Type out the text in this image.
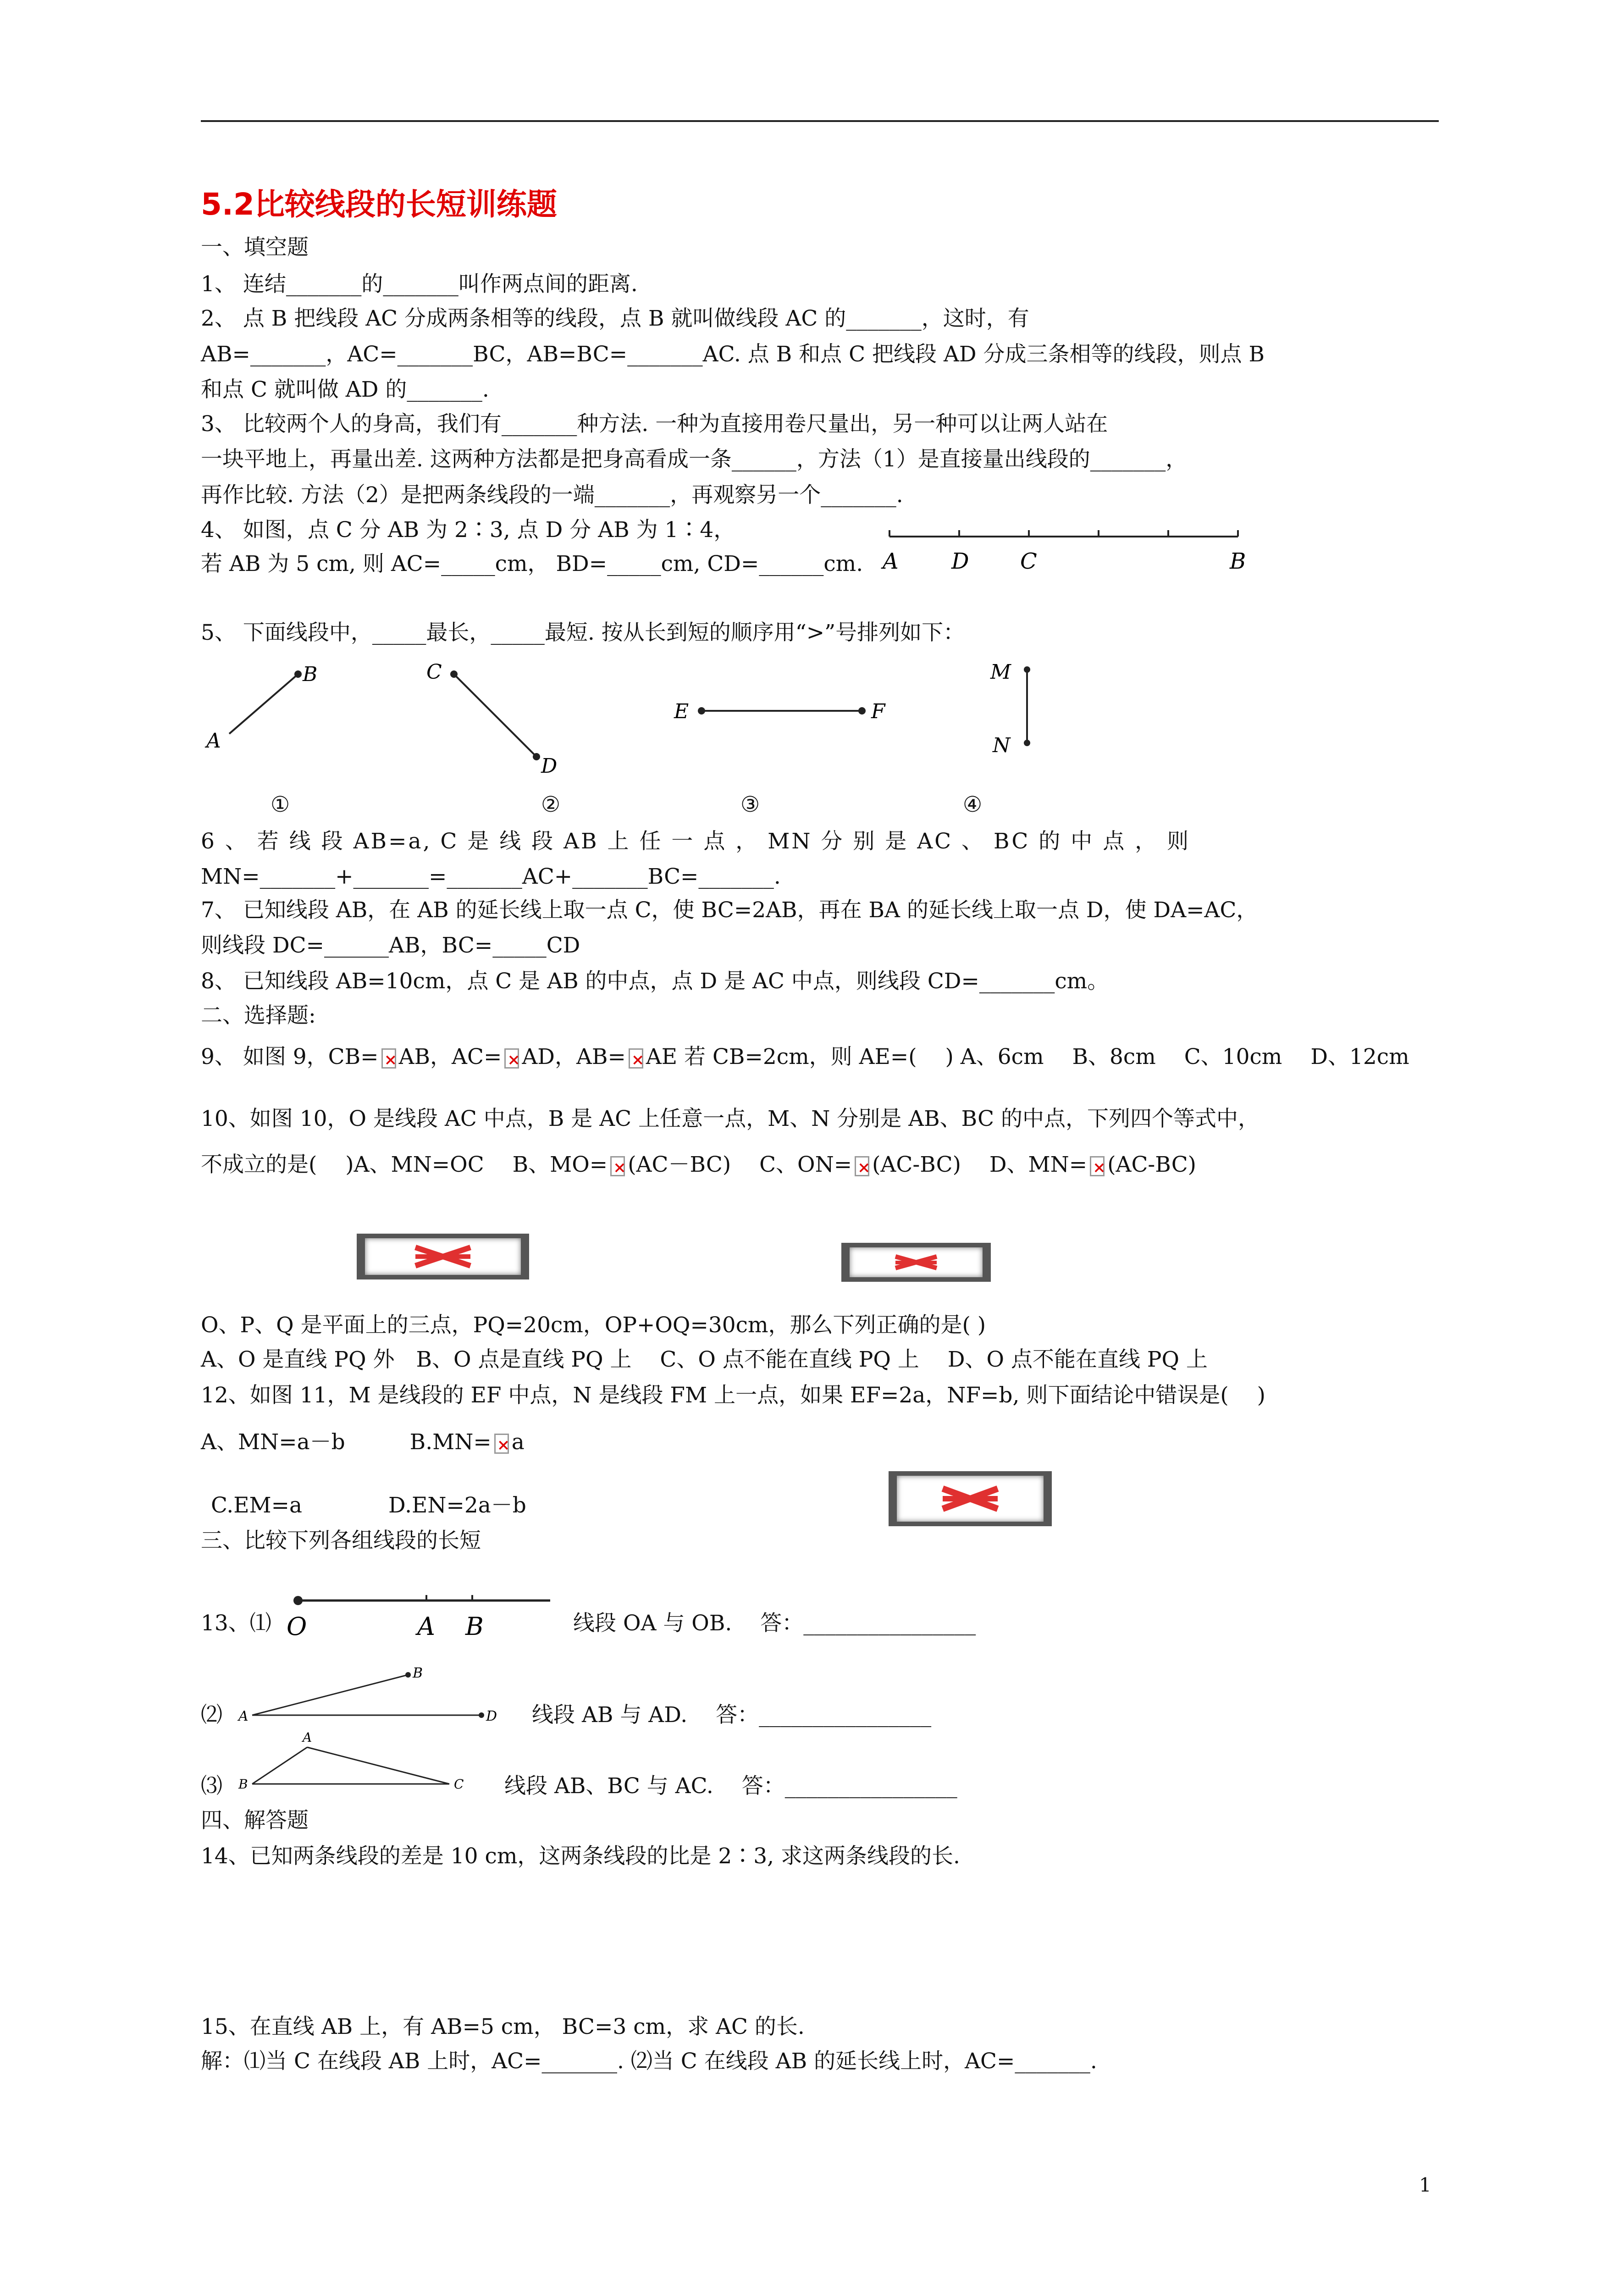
5.2比较线段的长短训练题
一、填空题
1、 连结_______的_______叫作两点间的距离.
2、 点 B 把线段 AC 分成两条相等的线段，点 B 就叫做线段 AC 的_______，这时，有
AB=_______，AC=_______BC，AB=BC=_______AC. 点 B 和点 C 把线段 AD 分成三条相等的线段，则点 B
和点 C 就叫做 AD 的_______.
3、 比较两个人的身高，我们有_______种方法. 一种为直接用卷尺量出，另一种可以让两人站在
一块平地上，再量出差. 这两种方法都是把身高看成一条______，方法（1）是直接量出线段的_______，
再作比较. 方法（2）是把两条线段的一端_______，再观察另一个_______.
4、 如图，点 C 分 AB 为 2∶3, 点 D 分 AB 为 1∶4，
若 AB 为 5 cm, 则 AC=_____cm， BD=_____cm, CD=______cm. A D C	B
5、 下面线段中，_____最长，_____最短. 按从长到短的顺序用“>”号排列如下：
A
B	C
D
E	F
M
N
①	②	③	④
6 、 若 线 段 AB=a, C 是 线 段 AB 上 任 一 点 ， MN 分 别 是 AC 、 BC 的 中 点 ， 则
MN=_______+_______=_______AC+_______BC=_______.
7、 已知线段 AB，在 AB 的延长线上取一点 C，使 BC=2AB，再在 BA 的延长线上取一点 D，使 DA=AC，
则线段 DC=______AB，BC=_____CD
8、 已知线段 AB=10cm，点 C 是 AB 的中点，点 D 是 AC 中点，则线段 CD=_______cm。
二、选择题:
9、 如图 9，CB= × AB，AC= × AD，AB= × AE 若 CB=2cm，则 AE=(　 ) A、6cm　 B、8cm　 C、10cm　 D、12cm
10、如图 10，O 是线段 AC 中点，B 是 AC 上任意一点，M、N 分别是 AB、BC 的中点，下列四个等式中，
不成立的是(　 )A、MN=OC　 B、MO= × (AC－BC)　 C、ON= × (AC-BC)　 D、MN= × (AC-BC)
O、P、Q 是平面上的三点，PQ=20cm，OP+OQ=30cm，那么下列正确的是( )
A、O 是直线 PQ 外　B、O 点是直线 PQ 上　 C、O 点不能在直线 PQ 上　 D、O 点不能在直线 PQ 上
12、如图 11，M 是线段的 EF 中点，N 是线段 FM 上一点，如果 EF=2a，NF=b, 则下面结论中错误是(　 )
A、MN=a－b　　　B.MN= × a
C.EM=a　　　　D.EN=2a－b
三、比较下列各组线段的长短
13、⑴ O	A B	线段 OA 与 OB.　 答：________________
⑵ A
B
D 线段 AB 与 AD.　 答：________________
⑶
A
B	C 线段 AB、BC 与 AC.　 答：________________
四、解答题
14、已知两条线段的差是 10 cm，这两条线段的比是 2∶3, 求这两条线段的长.
15、在直线 AB 上，有 AB=5 cm， BC=3 cm，求 AC 的长.
解：⑴当 C 在线段 AB 上时，AC=_______. ⑵当 C 在线段 AB 的延长线上时，AC=_______.
1
